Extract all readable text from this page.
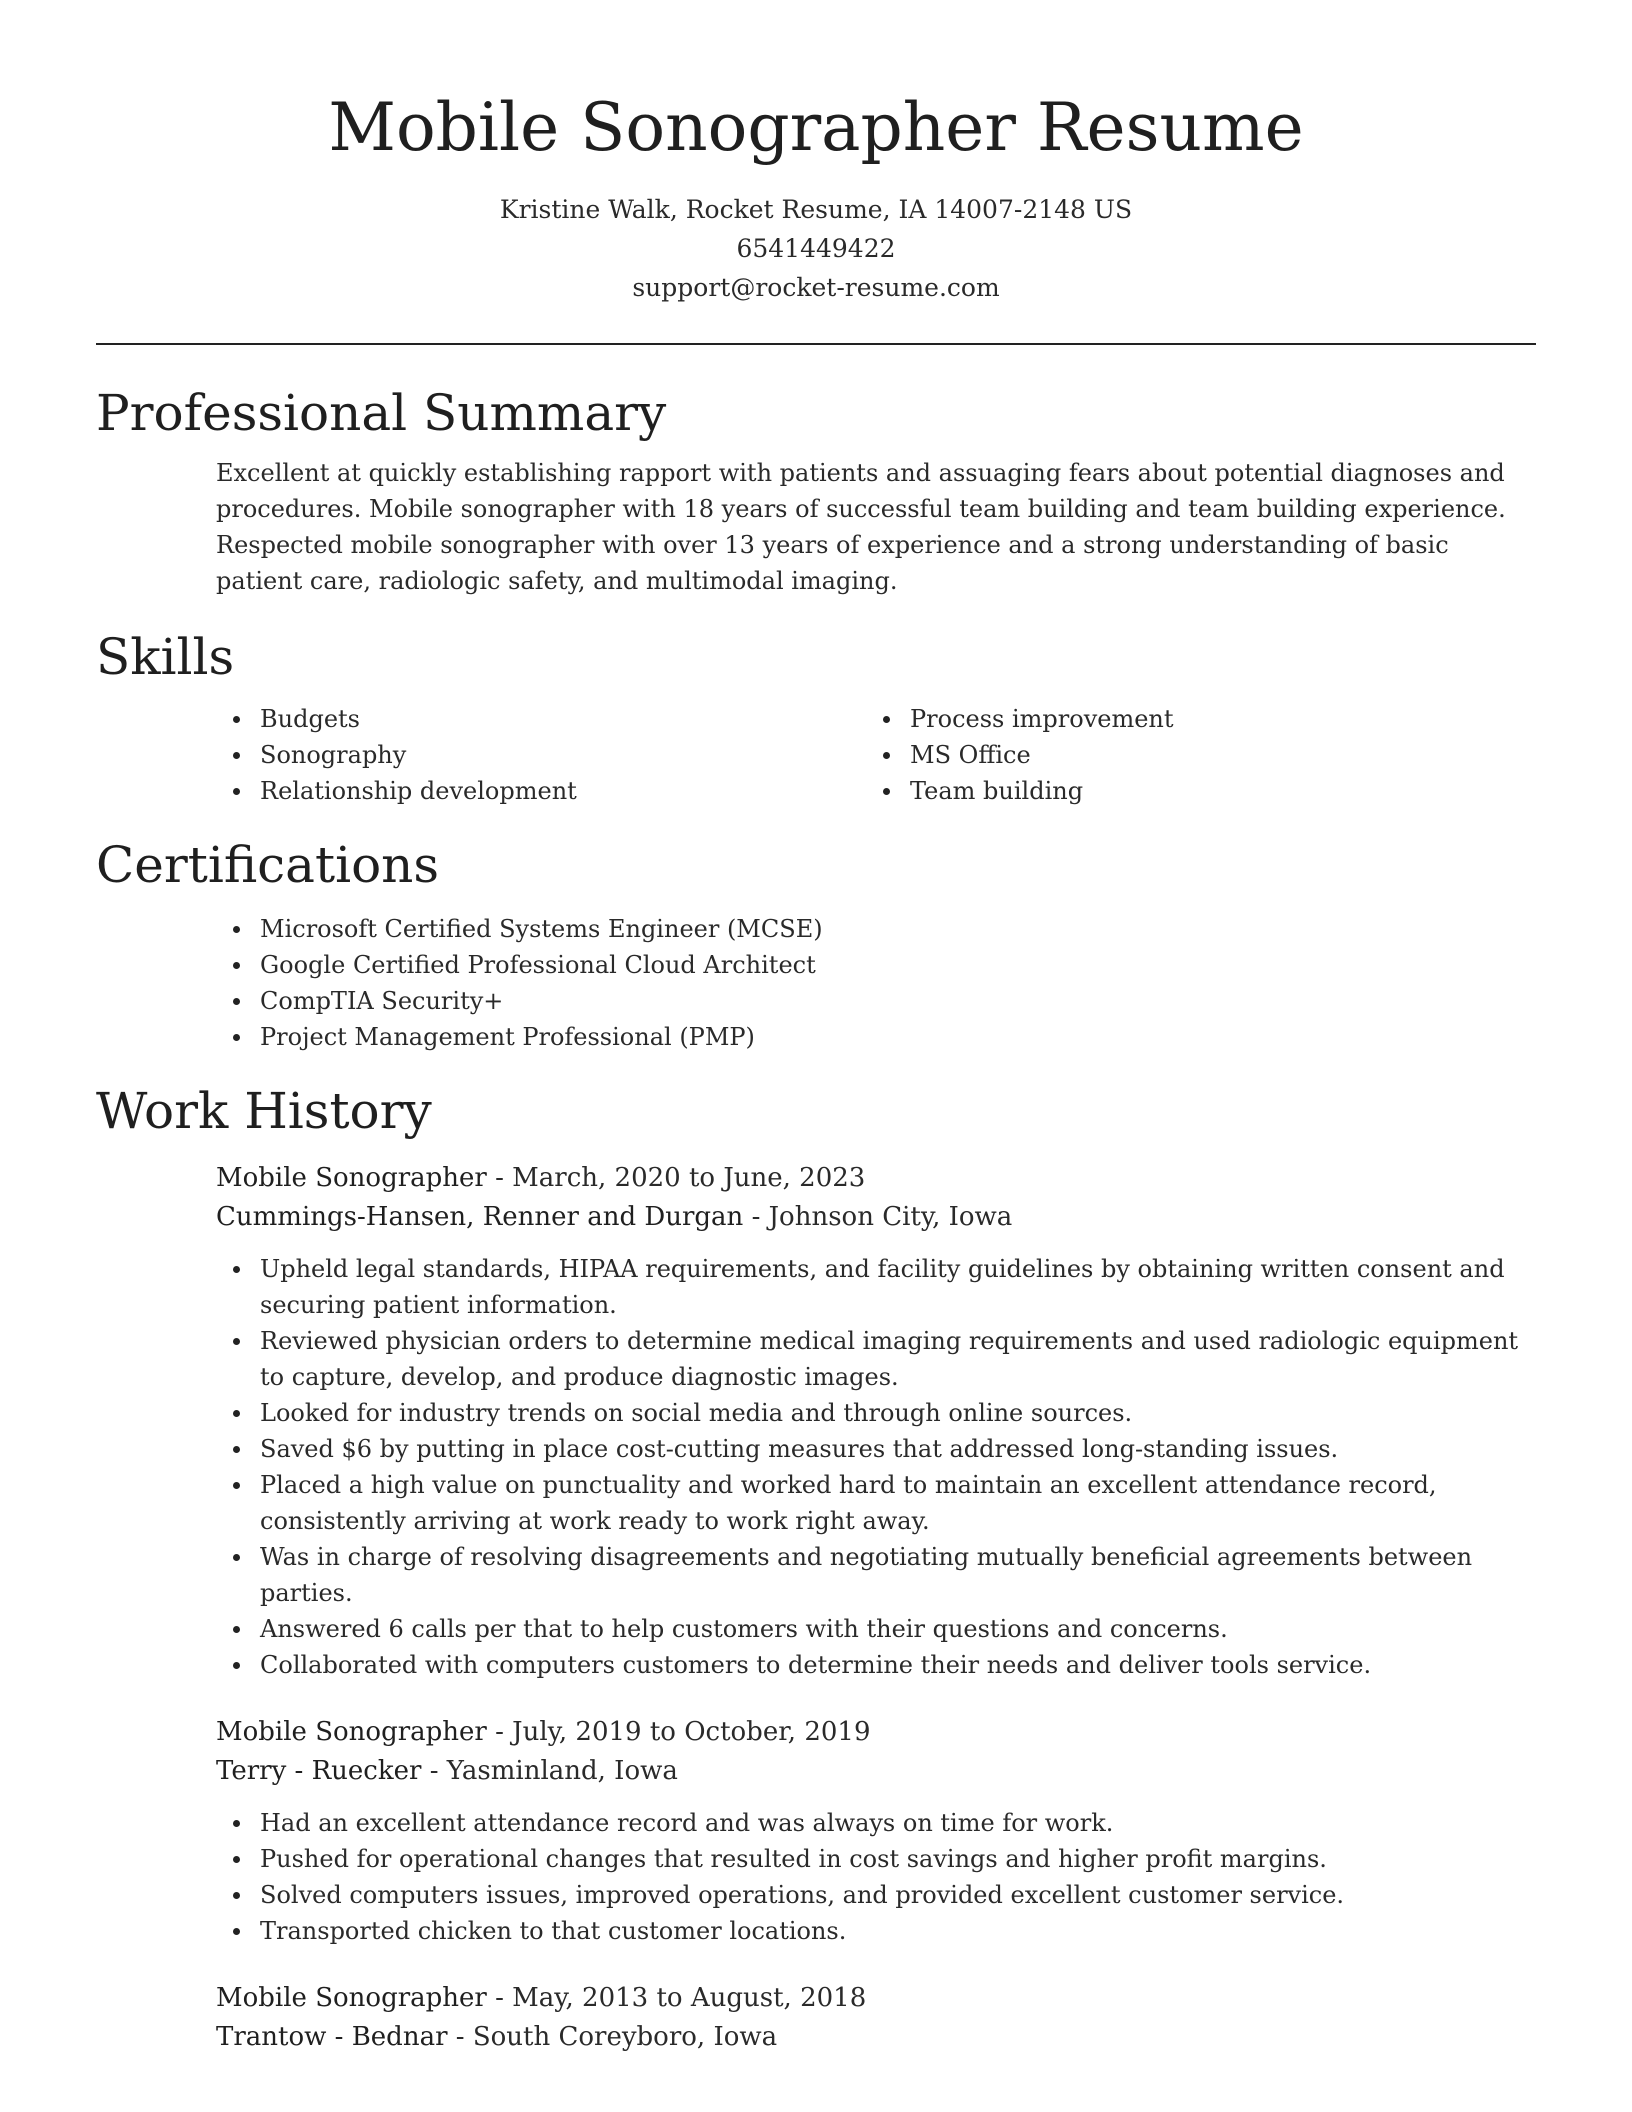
Mobile Sonographer Resume

Kristine Walk, Rocket Resume, IA 14007-2148 US

6541449422

support@rocket-resume.com

Professional Summary

Excellent at quickly establishing rapport with patients and assuaging fears about potential diagnoses and procedures. Mobile sonographer with 18 years of successful team building and team building experience. Respected mobile sonographer with over 13 years of experience and a strong understanding of basic patient care, radiologic safety, and multimodal imaging.

Skills
Budgets
Sonography
Relationship development
Process improvement
MS Office
Team building
Certifications
Microsoft Certified Systems Engineer (MCSE)
Google Certified Professional Cloud Architect
CompTIA Security+
Project Management Professional (PMP)
Work History

Mobile Sonographer - March, 2020 to June, 2023

Cummings-Hansen, Renner and Durgan - Johnson City, Iowa

Upheld legal standards, HIPAA requirements, and facility guidelines by obtaining written consent and securing patient information.
Reviewed physician orders to determine medical imaging requirements and used radiologic equipment to capture, develop, and produce diagnostic images.
Looked for industry trends on social media and through online sources.
Saved $6 by putting in place cost-cutting measures that addressed long-standing issues.
Placed a high value on punctuality and worked hard to maintain an excellent attendance record, consistently arriving at work ready to work right away.
Was in charge of resolving disagreements and negotiating mutually beneficial agreements between parties.
Answered 6 calls per that to help customers with their questions and concerns.
Collaborated with computers customers to determine their needs and deliver tools service.

Mobile Sonographer - July, 2019 to October, 2019

Terry - Ruecker - Yasminland, Iowa

Had an excellent attendance record and was always on time for work.
Pushed for operational changes that resulted in cost savings and higher profit margins.
Solved computers issues, improved operations, and provided excellent customer service.
Transported chicken to that customer locations.

Mobile Sonographer - May, 2013 to August, 2018

Trantow - Bednar - South Coreyboro, Iowa
